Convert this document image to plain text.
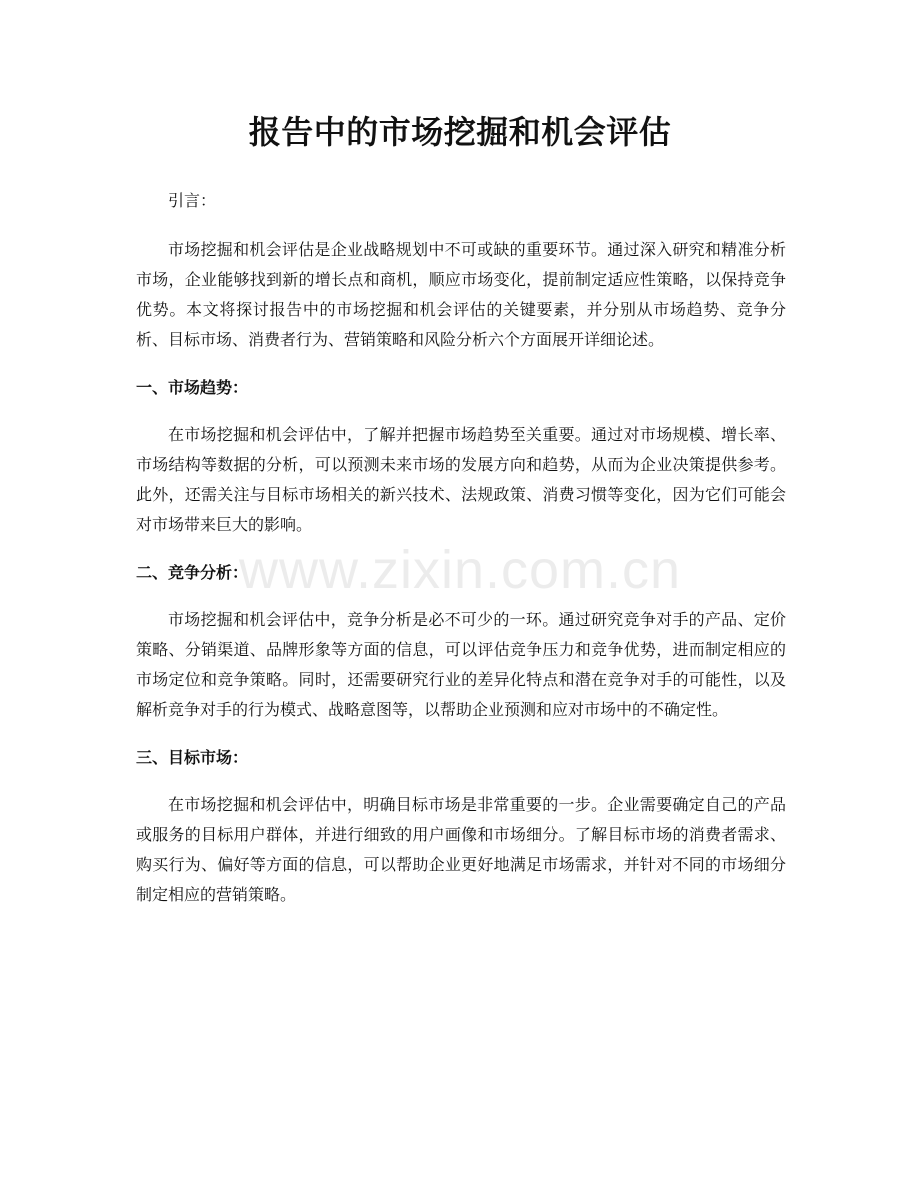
报告中的市场挖掘和机会评估

引言：

市场挖掘和机会评估是企业战略规划中不可或缺的重要环节。通过深入研究和精准分析市场，企业能够找到新的增长点和商机，顺应市场变化，提前制定适应性策略，以保持竞争优势。本文将探讨报告中的市场挖掘和机会评估的关键要素，并分别从市场趋势、竞争分析、目标市场、消费者行为、营销策略和风险分析六个方面展开详细论述。

一、市场趋势：

在市场挖掘和机会评估中，了解并把握市场趋势至关重要。通过对市场规模、增长率、市场结构等数据的分析，可以预测未来市场的发展方向和趋势，从而为企业决策提供参考。此外，还需关注与目标市场相关的新兴技术、法规政策、消费习惯等变化，因为它们可能会对市场带来巨大的影响。

二、竞争分析：

市场挖掘和机会评估中，竞争分析是必不可少的一环。通过研究竞争对手的产品、定价策略、分销渠道、品牌形象等方面的信息，可以评估竞争压力和竞争优势，进而制定相应的市场定位和竞争策略。同时，还需要研究行业的差异化特点和潜在竞争对手的可能性，以及解析竞争对手的行为模式、战略意图等，以帮助企业预测和应对市场中的不确定性。

三、目标市场：

在市场挖掘和机会评估中，明确目标市场是非常重要的一步。企业需要确定自己的产品或服务的目标用户群体，并进行细致的用户画像和市场细分。了解目标市场的消费者需求、购买行为、偏好等方面的信息，可以帮助企业更好地满足市场需求，并针对不同的市场细分制定相应的营销策略。

www.zixin.com.cn
